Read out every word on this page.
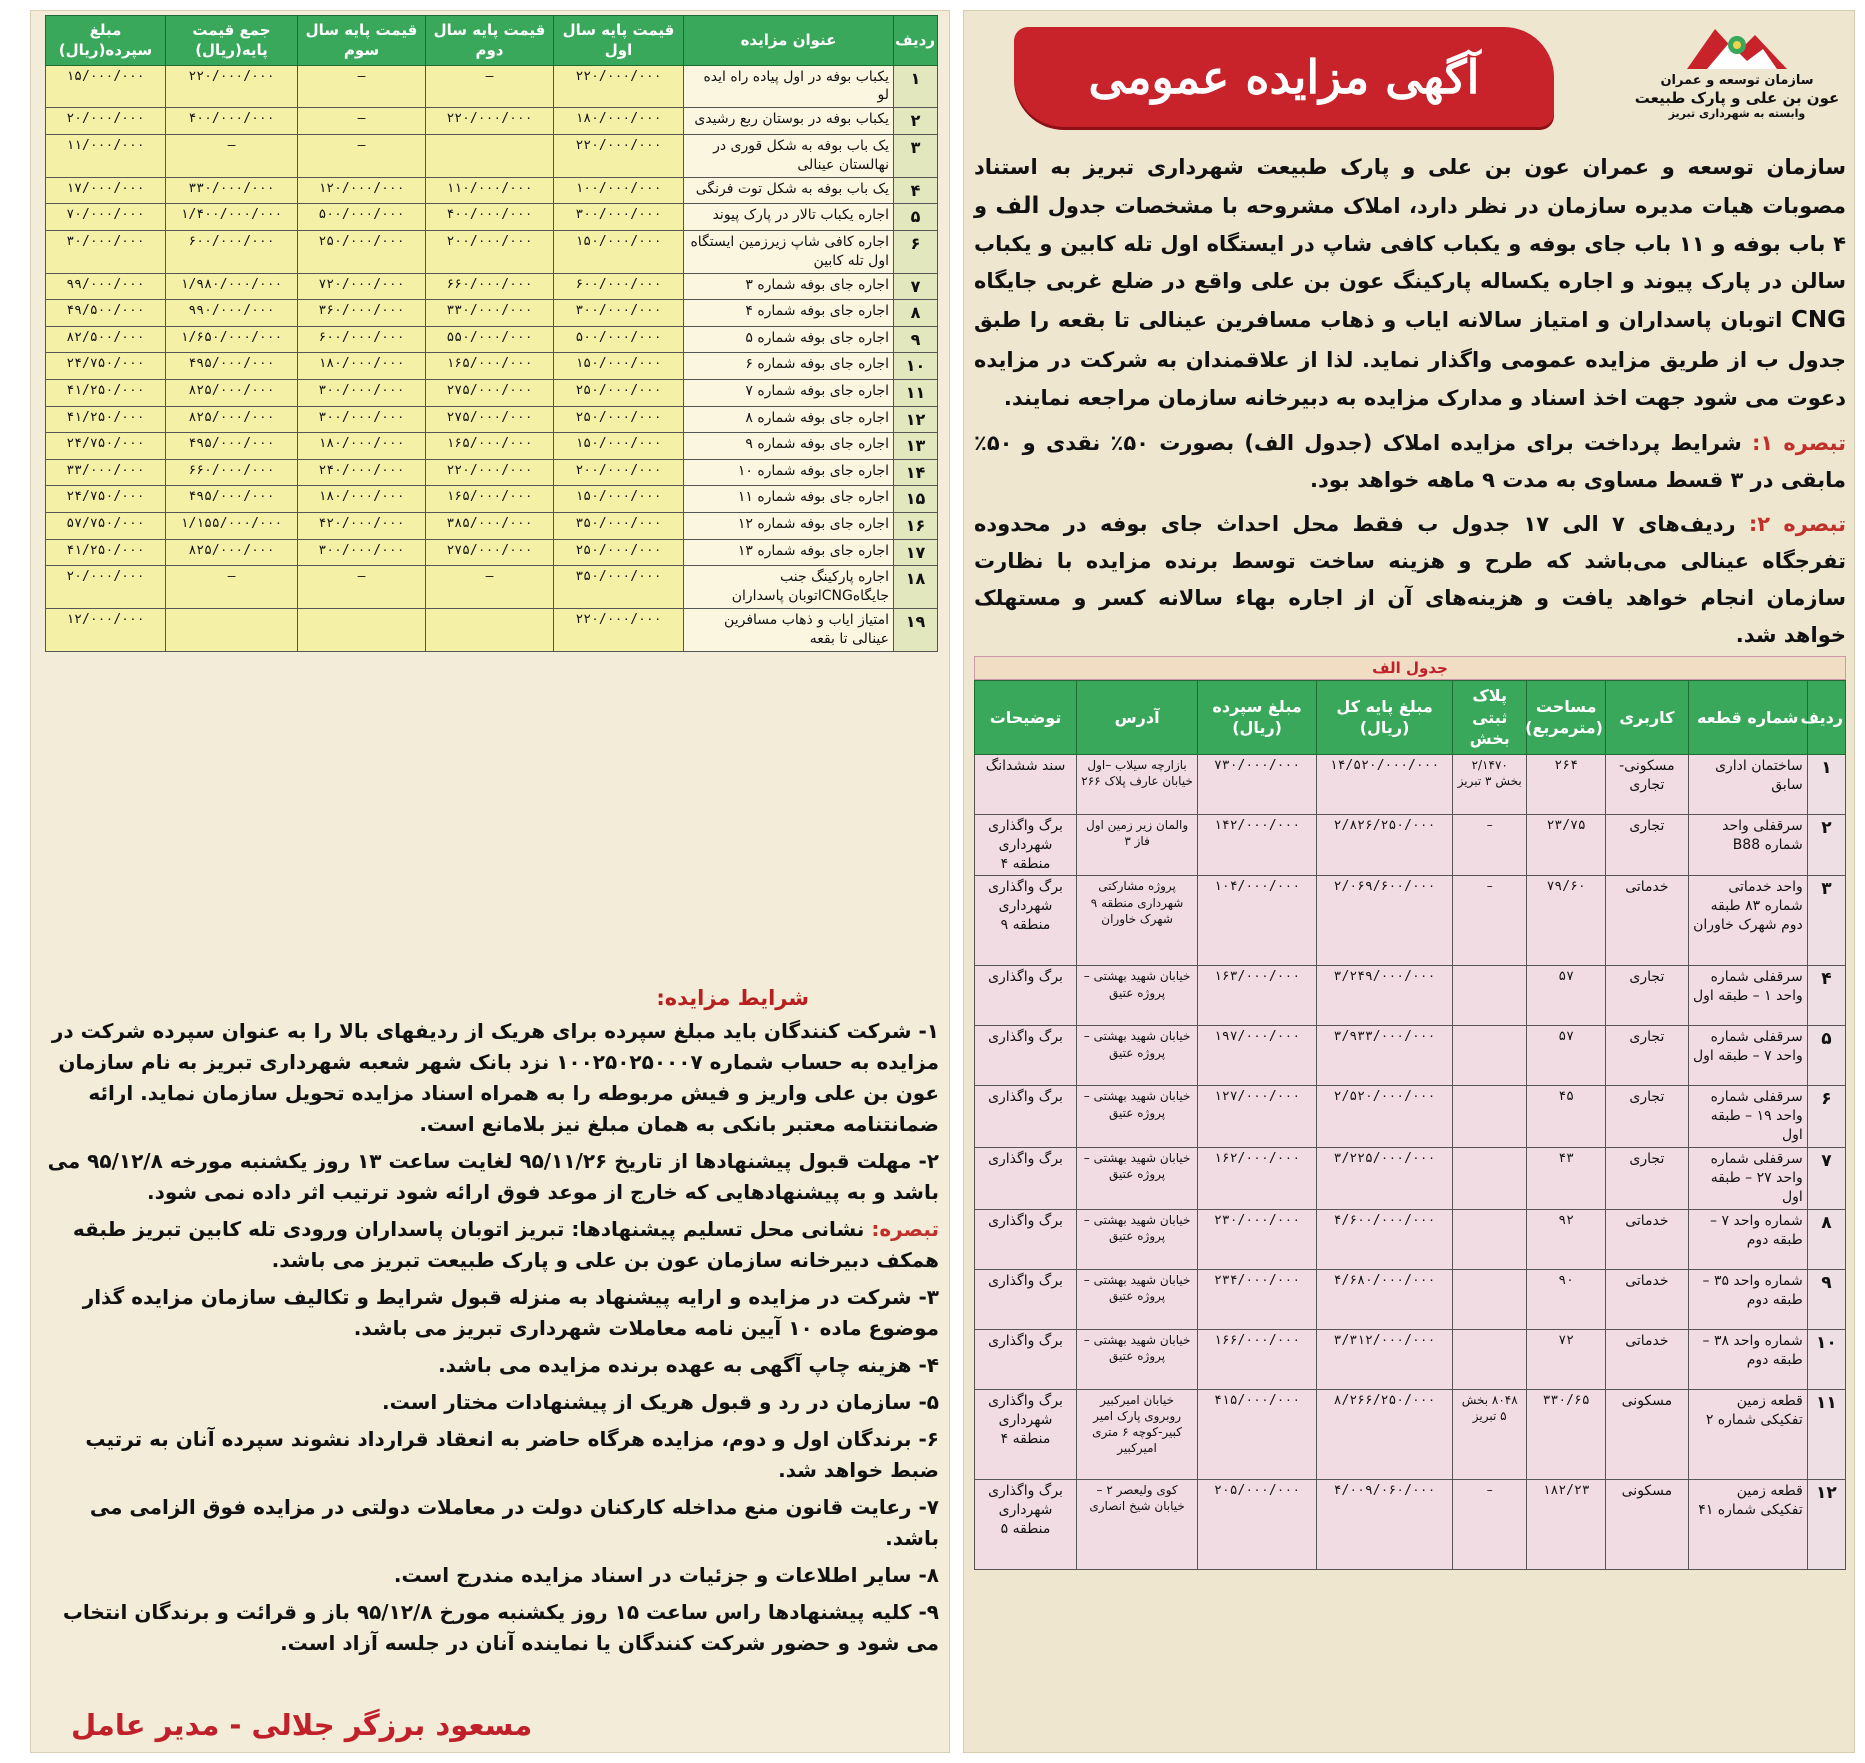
ردیف	عنوان مزایده	قیمت پایه سال اول	قیمت پایه سال دوم	قیمت پایه سال سوم	جمع قیمت پایه(ریال)	مبلغ سپرده(ریال)
۱	یکباب بوفه در اول پیاده راه ایده لو	۲۲۰/۰۰۰/۰۰۰	–	–	۲۲۰/۰۰۰/۰۰۰	۱۵/۰۰۰/۰۰۰
۲	یکباب بوفه در بوستان ربع رشیدی	۱۸۰/۰۰۰/۰۰۰	۲۲۰/۰۰۰/۰۰۰	–	۴۰۰/۰۰۰/۰۰۰	۲۰/۰۰۰/۰۰۰
۳	یک باب بوفه به شکل قوری در نهالستان عینالی	۲۲۰/۰۰۰/۰۰۰		–	–	۱۱/۰۰۰/۰۰۰
۴	یک باب بوفه به شکل توت فرنگی	۱۰۰/۰۰۰/۰۰۰	۱۱۰/۰۰۰/۰۰۰	۱۲۰/۰۰۰/۰۰۰	۳۳۰/۰۰۰/۰۰۰	۱۷/۰۰۰/۰۰۰
۵	اجاره یکباب تالار در پارک پیوند	۳۰۰/۰۰۰/۰۰۰	۴۰۰/۰۰۰/۰۰۰	۵۰۰/۰۰۰/۰۰۰	۱/۴۰۰/۰۰۰/۰۰۰	۷۰/۰۰۰/۰۰۰
۶	اجاره کافی شاپ زیرزمین ایستگاه اول تله کابین	۱۵۰/۰۰۰/۰۰۰	۲۰۰/۰۰۰/۰۰۰	۲۵۰/۰۰۰/۰۰۰	۶۰۰/۰۰۰/۰۰۰	۳۰/۰۰۰/۰۰۰
۷	اجاره جای بوفه شماره ۳	۶۰۰/۰۰۰/۰۰۰	۶۶۰/۰۰۰/۰۰۰	۷۲۰/۰۰۰/۰۰۰	۱/۹۸۰/۰۰۰/۰۰۰	۹۹/۰۰۰/۰۰۰
۸	اجاره جای بوفه شماره ۴	۳۰۰/۰۰۰/۰۰۰	۳۳۰/۰۰۰/۰۰۰	۳۶۰/۰۰۰/۰۰۰	۹۹۰/۰۰۰/۰۰۰	۴۹/۵۰۰/۰۰۰
۹	اجاره جای بوفه شماره ۵	۵۰۰/۰۰۰/۰۰۰	۵۵۰/۰۰۰/۰۰۰	۶۰۰/۰۰۰/۰۰۰	۱/۶۵۰/۰۰۰/۰۰۰	۸۲/۵۰۰/۰۰۰
۱۰	اجاره جای بوفه شماره ۶	۱۵۰/۰۰۰/۰۰۰	۱۶۵/۰۰۰/۰۰۰	۱۸۰/۰۰۰/۰۰۰	۴۹۵/۰۰۰/۰۰۰	۲۴/۷۵۰/۰۰۰
۱۱	اجاره جای بوفه شماره ۷	۲۵۰/۰۰۰/۰۰۰	۲۷۵/۰۰۰/۰۰۰	۳۰۰/۰۰۰/۰۰۰	۸۲۵/۰۰۰/۰۰۰	۴۱/۲۵۰/۰۰۰
۱۲	اجاره جای بوفه شماره ۸	۲۵۰/۰۰۰/۰۰۰	۲۷۵/۰۰۰/۰۰۰	۳۰۰/۰۰۰/۰۰۰	۸۲۵/۰۰۰/۰۰۰	۴۱/۲۵۰/۰۰۰
۱۳	اجاره جای بوفه شماره ۹	۱۵۰/۰۰۰/۰۰۰	۱۶۵/۰۰۰/۰۰۰	۱۸۰/۰۰۰/۰۰۰	۴۹۵/۰۰۰/۰۰۰	۲۴/۷۵۰/۰۰۰
۱۴	اجاره جای بوفه شماره ۱۰	۲۰۰/۰۰۰/۰۰۰	۲۲۰/۰۰۰/۰۰۰	۲۴۰/۰۰۰/۰۰۰	۶۶۰/۰۰۰/۰۰۰	۳۳/۰۰۰/۰۰۰
۱۵	اجاره جای بوفه شماره ۱۱	۱۵۰/۰۰۰/۰۰۰	۱۶۵/۰۰۰/۰۰۰	۱۸۰/۰۰۰/۰۰۰	۴۹۵/۰۰۰/۰۰۰	۲۴/۷۵۰/۰۰۰
۱۶	اجاره جای بوفه شماره ۱۲	۳۵۰/۰۰۰/۰۰۰	۳۸۵/۰۰۰/۰۰۰	۴۲۰/۰۰۰/۰۰۰	۱/۱۵۵/۰۰۰/۰۰۰	۵۷/۷۵۰/۰۰۰
۱۷	اجاره جای بوفه شماره ۱۳	۲۵۰/۰۰۰/۰۰۰	۲۷۵/۰۰۰/۰۰۰	۳۰۰/۰۰۰/۰۰۰	۸۲۵/۰۰۰/۰۰۰	۴۱/۲۵۰/۰۰۰
۱۸	اجاره پارکینگ جنب جایگاهCNGاتوبان پاسداران	۳۵۰/۰۰۰/۰۰۰	–	–	–	۲۰/۰۰۰/۰۰۰
۱۹	امتیاز ایاب و ذهاب مسافرین عینالی تا بقعه	۲۲۰/۰۰۰/۰۰۰				۱۲/۰۰۰/۰۰۰
شرایط مزایده:

۱- شرکت کنندگان باید مبلغ سپرده برای هریک از ردیفهای بالا را به عنوان سپرده شرکت در مزایده به حساب شماره ۱۰۰۲۵۰۲۵۰۰۰۷ نزد بانک شهر شعبه شهرداری تبریز به نام سازمان عون بن علی واریز و فیش مربوطه را به همراه اسناد مزایده تحویل سازمان نماید. ارائه ضمانتنامه معتبر بانکی به همان مبلغ نیز بلامانع است.

۲- مهلت قبول پیشنهادها از تاریخ ۹۵/۱۱/۲۶ لغایت ساعت ۱۳ روز یکشنبه مورخه ۹۵/۱۲/۸ می باشد و به پیشنهادهایی که خارج از موعد فوق ارائه شود ترتیب اثر داده نمی شود.

تبصره: نشانی محل تسلیم پیشنهادها: تبریز اتوبان پاسداران ورودی تله کابین تبریز طبقه همکف دبیرخانه سازمان عون بن علی و پارک طبیعت تبریز می باشد.

۳- شرکت در مزایده و ارایه پیشنهاد به منزله قبول شرایط و تکالیف سازمان مزایده گذار موضوع ماده ۱۰ آیین نامه معاملات شهرداری تبریز می باشد.

۴- هزینه چاپ آگهی به عهده برنده مزایده می باشد.

۵- سازمان در رد و قبول هریک از پیشنهادات مختار است.

۶- برندگان اول و دوم، مزایده هرگاه حاضر به انعقاد قرارداد نشوند سپرده آنان به ترتیب ضبط خواهد شد.

۷- رعایت قانون منع مداخله کارکنان دولت در معاملات دولتی در مزایده فوق الزامی می باشد.

۸- سایر اطلاعات و جزئیات در اسناد مزایده مندرج است.

۹- کلیه پیشنهادها راس ساعت ۱۵ روز یکشنبه مورخ ۹۵/۱۲/۸ باز و قرائت و برندگان انتخاب می شود و حضور شرکت کنندگان یا نماینده آنان در جلسه آزاد است.

مسعود برزگر جلالی - مدیر عامل
سازمان توسعه و عمران
عون بن علی و پارک طبیعت
وابسته به شهرداری تبریز
آگهی مزایده عمومی

سازمان توسعه و عمران عون بن علی و پارک طبیعت شهرداری تبریز به استناد مصوبات هیات مدیره سازمان در نظر دارد، املاک مشروحه با مشخصات جدول الف و ۴ باب بوفه و ۱۱ باب جای بوفه و یکباب کافی شاپ در ایستگاه اول تله کابین و یکباب سالن در پارک پیوند و اجاره یکساله پارکینگ عون بن علی واقع در ضلع غربی جایگاه CNG اتوبان پاسداران و امتیاز سالانه ایاب و ذهاب مسافرین عینالی تا بقعه را طبق جدول ب از طریق مزایده عمومی واگذار نماید. لذا از علاقمندان به شرکت در مزایده دعوت می شود جهت اخذ اسناد و مدارک مزایده به دبیرخانه سازمان مراجعه نمایند.

تبصره ۱: شرایط پرداخت برای مزایده املاک (جدول الف) بصورت ۵۰٪ نقدی و ۵۰٪ مابقی در ۳ قسط مساوی به مدت ۹ ماهه خواهد بود.

تبصره ۲: ردیف‌های ۷ الی ۱۷ جدول ب فقط محل احداث جای بوفه در محدوده تفرجگاه عینالی می‌باشد که طرح و هزینه ساخت توسط برنده مزایده با نظارت سازمان انجام خواهد یافت و هزینه‌های آن از اجاره بهاء سالانه کسر و مستهلک خواهد شد.

جدول الف
ردیف	شماره قطعه	کاربری	مساحت (مترمربع)	پلاک ثبتی بخش	مبلغ پایه کل (ریال)	مبلغ سپرده (ریال)	آدرس	توضیحات
۱	ساختمان اداری سابق	مسکونی- تجاری	۲۶۴	۲/۱۴۷۰ بخش ۳ تبریز	۱۴/۵۲۰/۰۰۰/۰۰۰	۷۳۰/۰۰۰/۰۰۰	بازارچه سیلاب –اول خیابان عارف پلاک ۲۶۶	سند ششدانگ
۲	سرقفلی واحد شماره B88	تجاری	۲۳/۷۵	–	۲/۸۲۶/۲۵۰/۰۰۰	۱۴۲/۰۰۰/۰۰۰	والمان زیر زمین اول فاز ۳	برگ واگذاری شهرداری منطقه ۴
۳	واحد خدماتی شماره ۸۳ طبقه دوم شهرک خاوران	خدماتی	۷۹/۶۰	–	۲/۰۶۹/۶۰۰/۰۰۰	۱۰۴/۰۰۰/۰۰۰	پروژه مشارکتی شهرداری منطقه ۹ شهرک خاوران	برگ واگذاری شهرداری منطقه ۹
۴	سرقفلی شماره واحد ۱ – طبقه اول	تجاری	۵۷		۳/۲۴۹/۰۰۰/۰۰۰	۱۶۳/۰۰۰/۰۰۰	خیابان شهید بهشتی – پروژه عتیق	برگ واگذاری
۵	سرقفلی شماره واحد ۷ – طبقه اول	تجاری	۵۷		۳/۹۳۳/۰۰۰/۰۰۰	۱۹۷/۰۰۰/۰۰۰	خیابان شهید بهشتی – پروژه عتیق	برگ واگذاری
۶	سرقفلی شماره واحد ۱۹ – طبقه اول	تجاری	۴۵		۲/۵۲۰/۰۰۰/۰۰۰	۱۲۷/۰۰۰/۰۰۰	خیابان شهید بهشتی – پروژه عتیق	برگ واگذاری
۷	سرقفلی شماره واحد ۲۷ – طبقه اول	تجاری	۴۳		۳/۲۲۵/۰۰۰/۰۰۰	۱۶۲/۰۰۰/۰۰۰	خیابان شهید بهشتی – پروژه عتیق	برگ واگذاری
۸	شماره واحد ۷ – طبقه دوم	خدماتی	۹۲		۴/۶۰۰/۰۰۰/۰۰۰	۲۳۰/۰۰۰/۰۰۰	خیابان شهید بهشتی – پروژه عتیق	برگ واگذاری
۹	شماره واحد ۳۵ – طبقه دوم	خدماتی	۹۰		۴/۶۸۰/۰۰۰/۰۰۰	۲۳۴/۰۰۰/۰۰۰	خیابان شهید بهشتی – پروژه عتیق	برگ واگذاری
۱۰	شماره واحد ۳۸ – طبقه دوم	خدماتی	۷۲		۳/۳۱۲/۰۰۰/۰۰۰	۱۶۶/۰۰۰/۰۰۰	خیابان شهید بهشتی – پروژه عتیق	برگ واگذاری
۱۱	قطعه زمین تفکیکی شماره ۲	مسکونی	۳۳۰/۶۵	۸۰۴۸ بخش ۵ تبریز	۸/۲۶۶/۲۵۰/۰۰۰	۴۱۵/۰۰۰/۰۰۰	خیابان امیرکبیر روبروی پارک امیر کبیر-کوچه ۶ متری امیرکبیر	برگ واگذاری شهرداری منطقه ۴
۱۲	قطعه زمین تفکیکی شماره ۴۱	مسکونی	۱۸۲/۲۳	–	۴/۰۰۹/۰۶۰/۰۰۰	۲۰۵/۰۰۰/۰۰۰	کوی ولیعصر ۲ – خیابان شیخ انصاری	برگ واگذاری شهرداری منطقه ۵
